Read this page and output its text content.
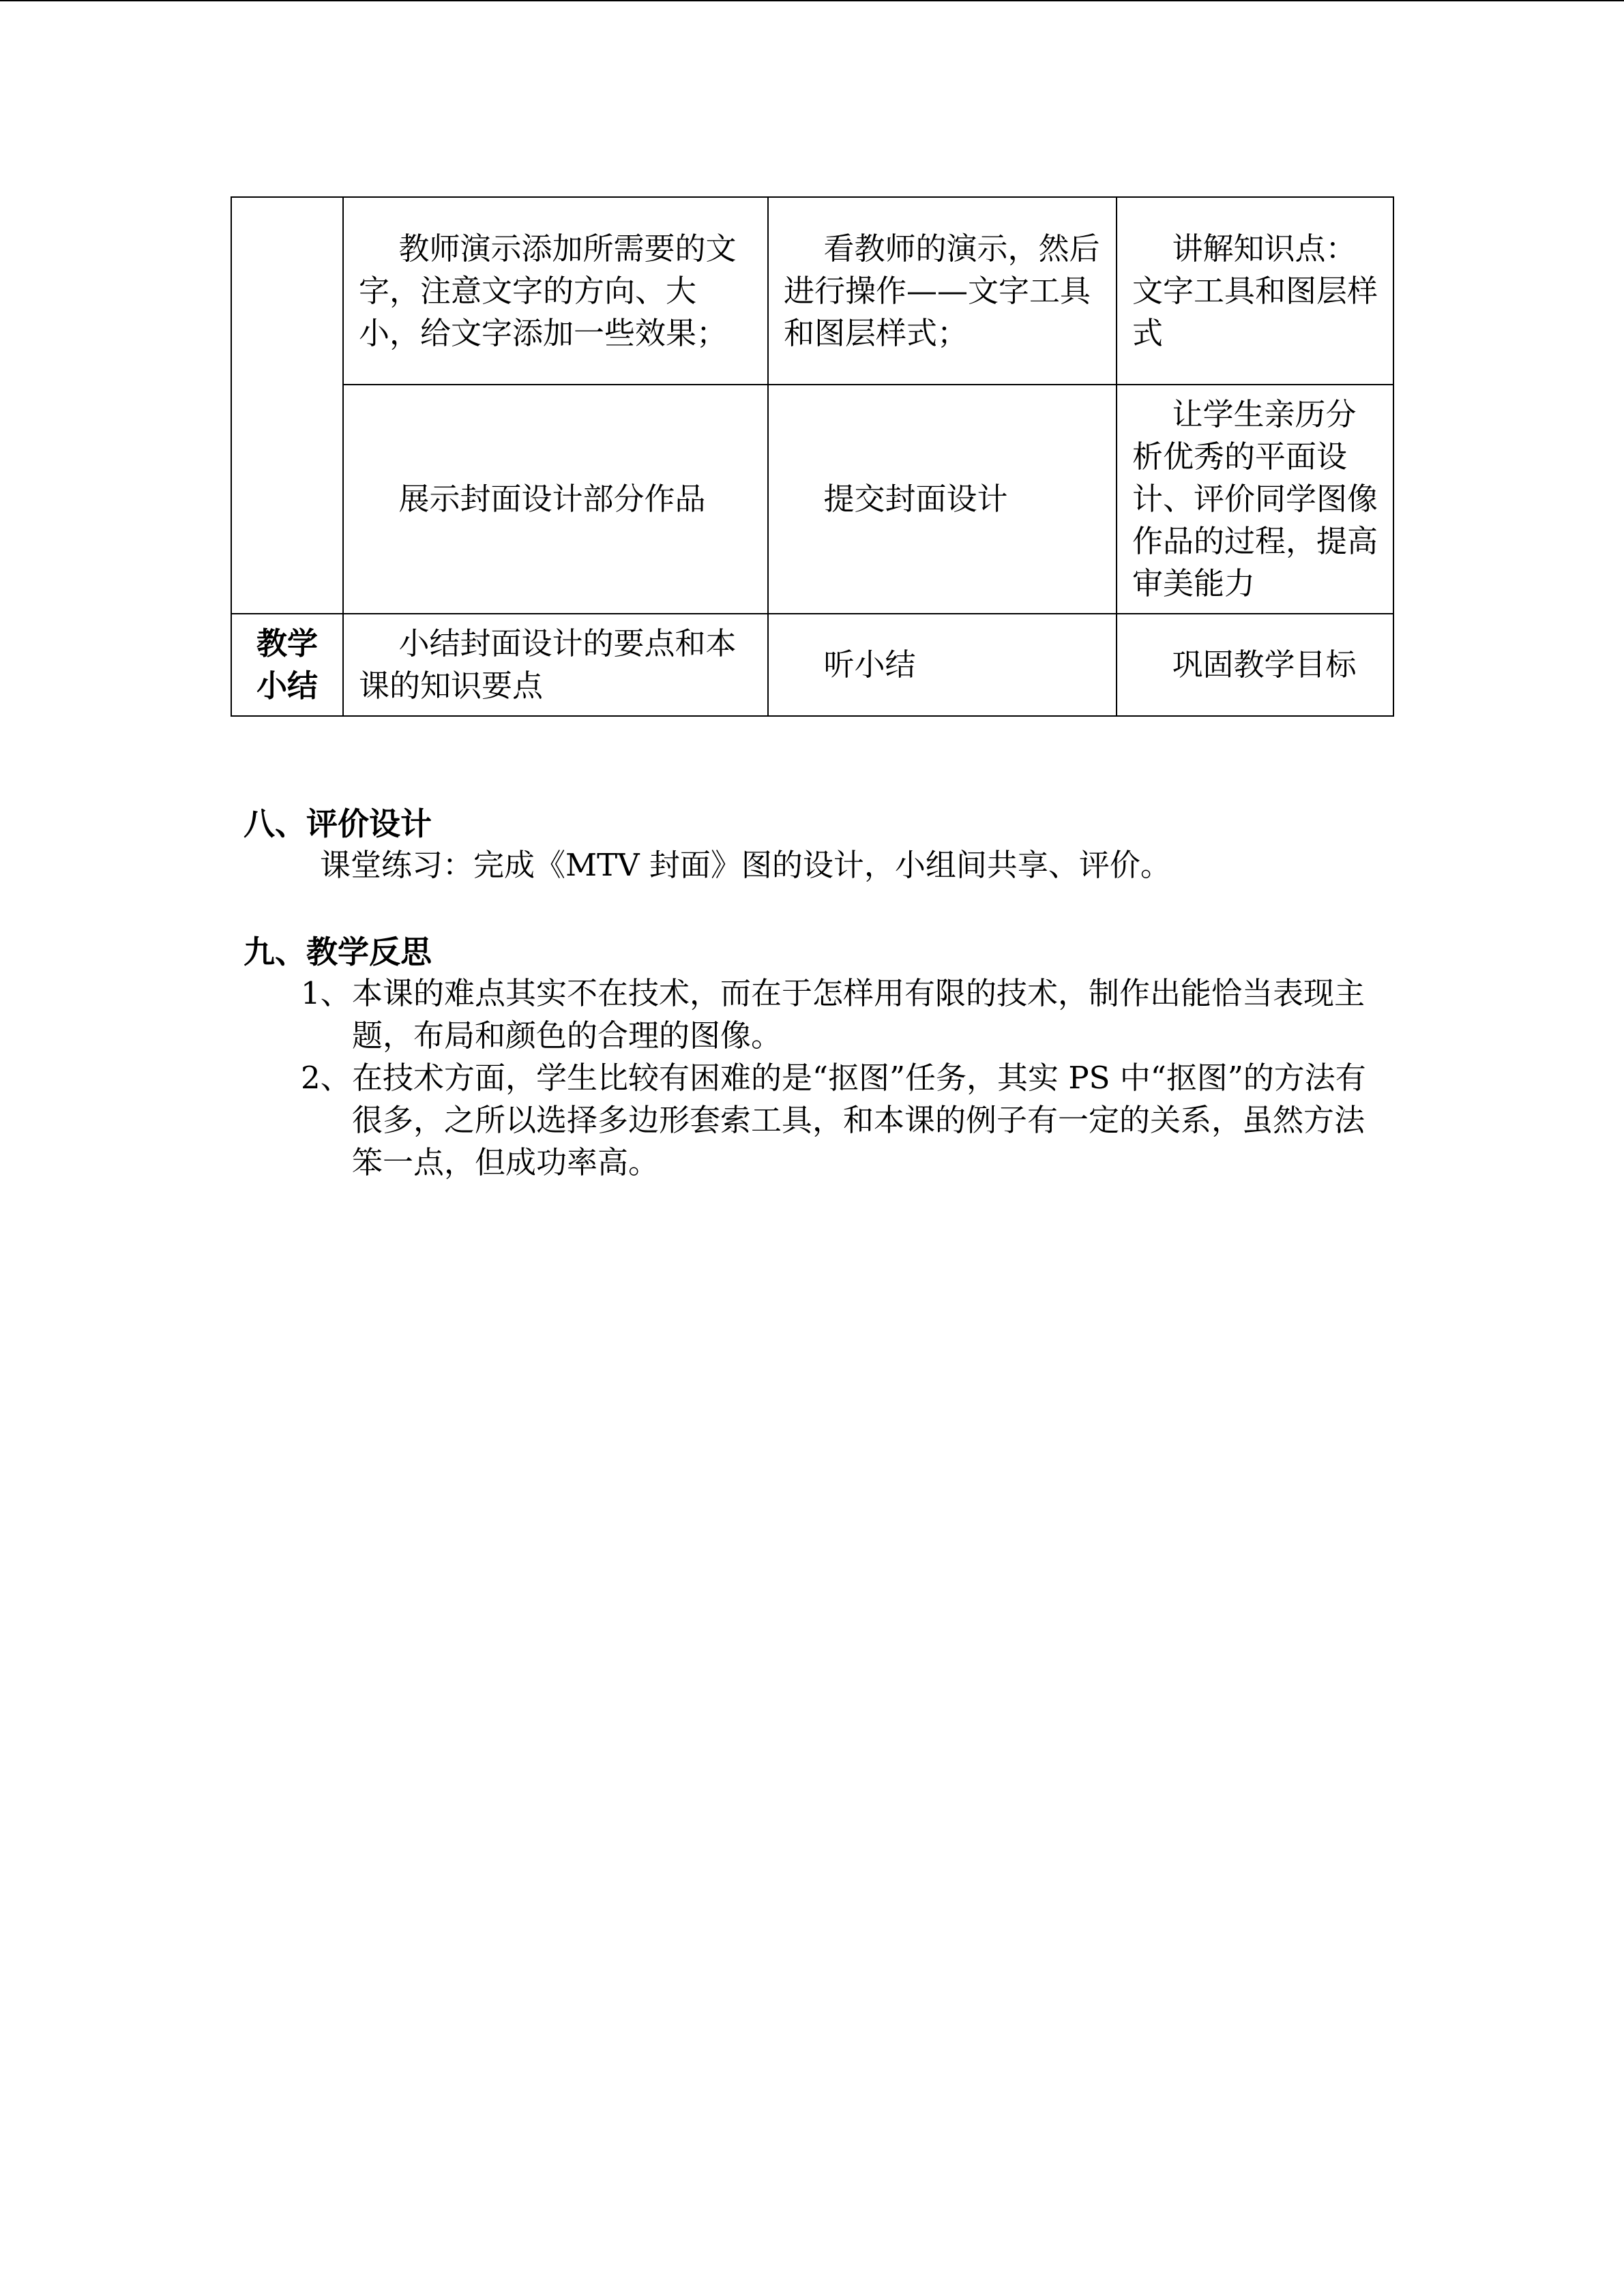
	教师演示添加所需要的文字，注意文字的方向、大小，给文字添加一些效果；	看教师的演示，然后进行操作——文字工具和图层样式；	讲解知识点：文字工具和图层样式
	展示封面设计部分作品	提交封面设计	让学生亲历分析优秀的平面设计、评价同学图像作品的过程，提高审美能力
教学小结	小结封面设计的要点和本课的知识要点	听小结	巩固教学目标
八、评价设计
课堂练习：完成《MTV 封面》图的设计，小组间共享、评价。
九、教学反思
1、 本课的难点其实不在技术，而在于怎样用有限的技术，制作出能恰当表现主题，布局和颜色的合理的图像。
2、 在技术方面，学生比较有困难的是“抠图”任务，其实 PS 中“抠图”的方法有很多，之所以选择多边形套索工具，和本课的例子有一定的关系，虽然方法笨一点，但成功率高。
